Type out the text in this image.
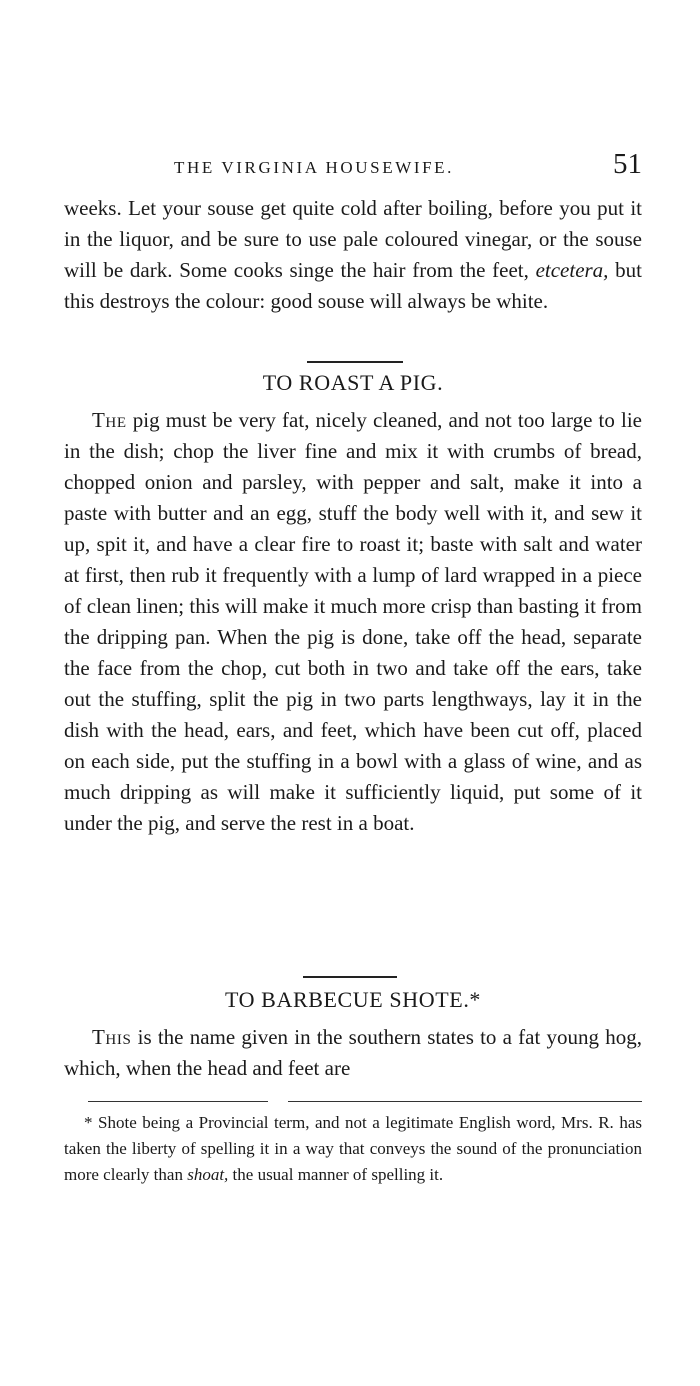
THE VIRGINIA HOUSEWIFE.	51

weeks. Let your souse get quite cold after boiling, before you put it in the liquor, and be sure to use pale coloured vinegar, or the souse will be dark. Some cooks singe the hair from the feet, etcetera, but this destroys the colour: good souse will always be white.

TO ROAST A PIG.

The pig must be very fat, nicely cleaned, and not too large to lie in the dish; chop the liver fine and mix it with crumbs of bread, chopped onion and parsley, with pepper and salt, make it into a paste with butter and an egg, stuff the body well with it, and sew it up, spit it, and have a clear fire to roast it; baste with salt and water at first, then rub it frequently with a lump of lard wrapped in a piece of clean linen; this will make it much more crisp than basting it from the dripping pan. When the pig is done, take off the head, separate the face from the chop, cut both in two and take off the ears, take out the stuffing, split the pig in two parts lengthways, lay it in the dish with the head, ears, and feet, which have been cut off, placed on each side, put the stuffing in a bowl with a glass of wine, and as much dripping as will make it sufficiently liquid, put some of it under the pig, and serve the rest in a boat.

TO BARBECUE SHOTE.*

This is the name given in the southern states to a fat young hog, which, when the head and feet are

* Shote being a Provincial term, and not a legitimate English word, Mrs. R. has taken the liberty of spelling it in a way that conveys the sound of the pronunciation more clearly than shoat, the usual manner of spelling it.
